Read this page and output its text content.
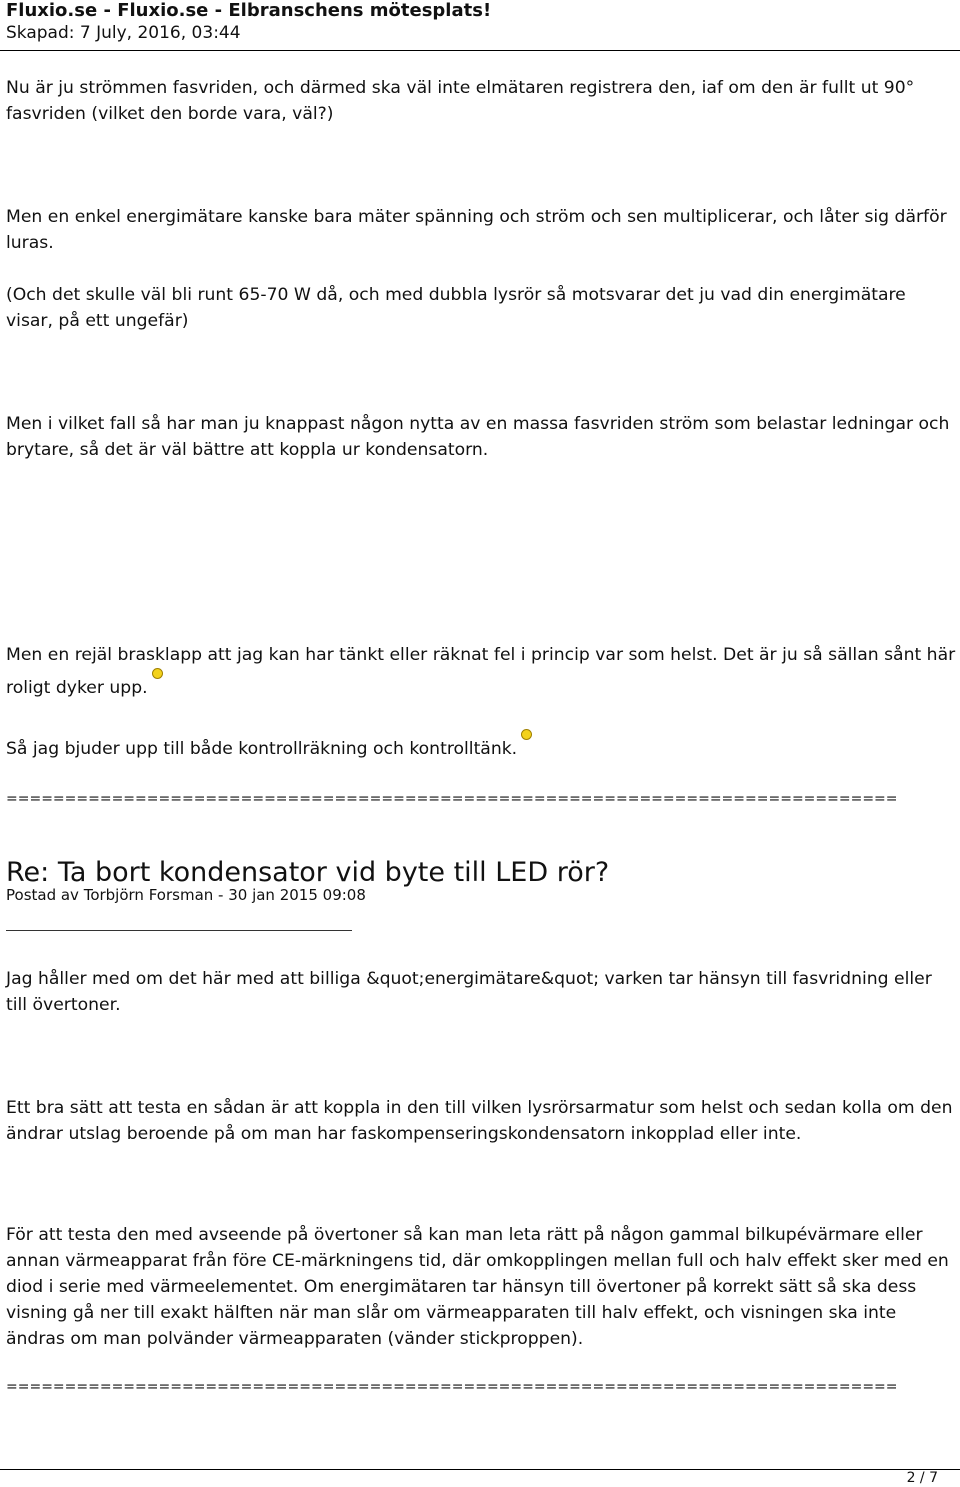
Fluxio.se - Fluxio.se - Elbranschens mötesplats!
Skapad: 7 July, 2016, 03:44

Nu är ju strömmen fasvriden, och därmed ska väl inte elmätaren registrera den, iaf om den är fullt ut 90° fasvriden (vilket den borde vara, väl?)

Men en enkel energimätare kanske bara mäter spänning och ström och sen multiplicerar, och låter sig därför luras.

(Och det skulle väl bli runt 65-70 W då, och med dubbla lysrör så motsvarar det ju vad din energimätare visar, på ett ungefär)

Men i vilket fall så har man ju knappast någon nytta av en massa fasvriden ström som belastar ledningar och brytare, så det är väl bättre att koppla ur kondensatorn.

Men en rejäl brasklapp att jag kan har tänkt eller räknat fel i princip var som helst. Det är ju så sällan sånt här roligt dyker upp.

Så jag bjuder upp till både kontrollräkning och kontrolltänk.

============================================================================
Re: Ta bort kondensator vid byte till LED rör?
Postad av Torbjörn Forsman - 30 jan 2015 09:08

Jag håller med om det här med att billiga &quot;energimätare&quot; varken tar hänsyn till fasvridning eller till övertoner.

Ett bra sätt att testa en sådan är att koppla in den till vilken lysrörsarmatur som helst och sedan kolla om den ändrar utslag beroende på om man har faskompenseringskondensatorn inkopplad eller inte.

För att testa den med avseende på övertoner så kan man leta rätt på någon gammal bilkupévärmare eller annan värmeapparat från före CE-märkningens tid, där omkopplingen mellan full och halv effekt sker med en diod i serie med värmeelementet. Om energimätaren tar hänsyn till övertoner på korrekt sätt så ska dess visning gå ner till exakt hälften när man slår om värmeapparaten till halv effekt, och visningen ska inte ändras om man polvänder värmeapparaten (vänder stickproppen).

============================================================================
2 / 7
